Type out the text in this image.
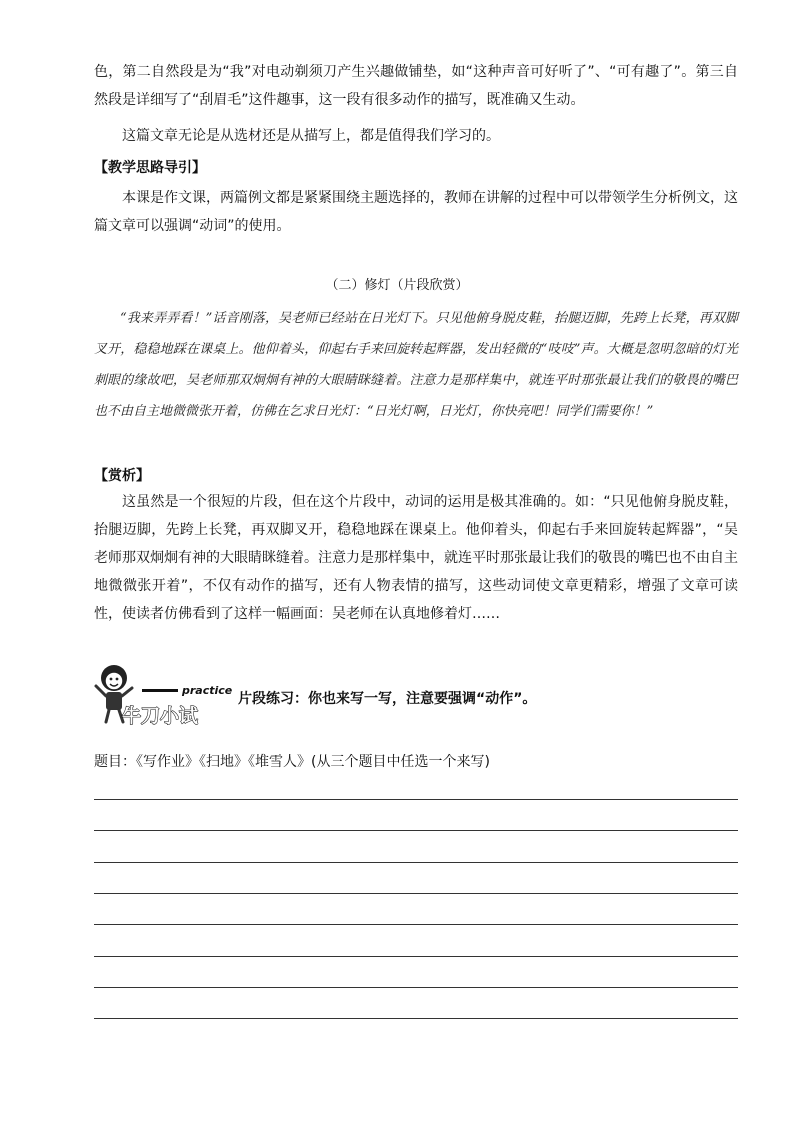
色，第二自然段是为“我”对电动剃须刀产生兴趣做铺垫，如“这种声音可好听了”、“可有趣了”。第三自然段是详细写了“刮眉毛”这件趣事，这一段有很多动作的描写，既准确又生动。

这篇文章无论是从选材还是从描写上，都是值得我们学习的。

【教学思路导引】

本课是作文课，两篇例文都是紧紧围绕主题选择的，教师在讲解的过程中可以带领学生分析例文，这篇文章可以强调“动词”的使用。

（二）修灯（片段欣赏）

“我来弄弄看！”话音刚落，吴老师已经站在日光灯下。只见他俯身脱皮鞋，抬腿迈脚，先跨上长凳，再双脚叉开，稳稳地踩在课桌上。他仰着头，仰起右手来回旋转起辉器，发出轻微的“吱吱”声。大概是忽明忽暗的灯光刺眼的缘故吧，吴老师那双炯炯有神的大眼睛眯缝着。注意力是那样集中，就连平时那张最让我们的敬畏的嘴巴也不由自主地微微张开着，仿佛在乞求日光灯：“日光灯啊，日光灯，你快亮吧！同学们需要你！”

【赏析】

这虽然是一个很短的片段，但在这个片段中，动词的运用是极其准确的。如：“只见他俯身脱皮鞋，抬腿迈脚，先跨上长凳，再双脚叉开，稳稳地踩在课桌上。他仰着头，仰起右手来回旋转起辉器”，“吴老师那双炯炯有神的大眼睛眯缝着。注意力是那样集中，就连平时那张最让我们的敬畏的嘴巴也不由自主地微微张开着”，不仅有动作的描写，还有人物表情的描写，这些动词使文章更精彩，增强了文章可读性，使读者仿佛看到了这样一幅画面：吴老师在认真地修着灯……

practice
牛刀小试

片段练习：你也来写一写，注意要强调“动作”。

题目：《写作业》《扫地》《堆雪人》(从三个题目中任选一个来写)
